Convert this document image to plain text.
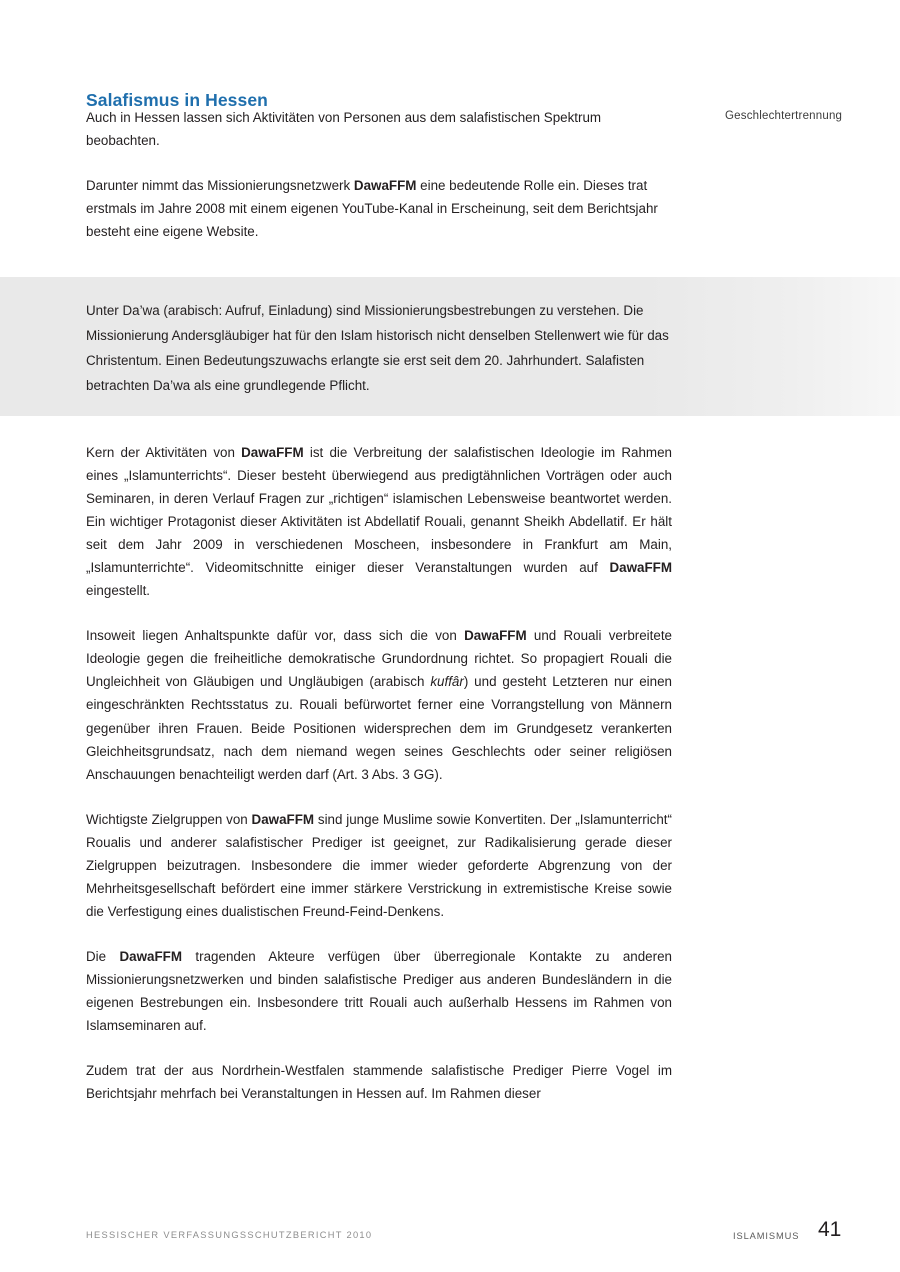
Salafismus in Hessen
Geschlechtertrennung

Auch in Hessen lassen sich Aktivitäten von Personen aus dem salafistischen Spektrum beobachten.

Darunter nimmt das Missionierungsnetzwerk DawaFFM eine bedeutende Rolle ein. Dieses trat erstmals im Jahre 2008 mit einem eigenen YouTube-Kanal in Erscheinung, seit dem Berichtsjahr besteht eine eigene Website.

Unter Da’wa (arabisch: Aufruf, Einladung) sind Missionierungsbestrebungen zu verstehen. Die Missionierung Andersgläubiger hat für den Islam historisch nicht denselben Stellenwert wie für das Christentum. Einen Bedeutungszuwachs erlangte sie erst seit dem 20. Jahrhundert. Salafisten betrachten Da’wa als eine grundlegende Pflicht.

Kern der Aktivitäten von DawaFFM ist die Verbreitung der salafistischen Ideologie im Rahmen eines „Islamunterrichts“. Dieser besteht überwiegend aus predigtähnlichen Vorträgen oder auch Seminaren, in deren Verlauf Fragen zur „richtigen“ islamischen Lebensweise beantwortet werden. Ein wichtiger Protagonist dieser Aktivitäten ist Abdellatif Rouali, genannt Sheikh Abdellatif. Er hält seit dem Jahr 2009 in verschiedenen Moscheen, insbesondere in Frankfurt am Main, „Islamunterrichte“. Videomitschnitte einiger dieser Veranstaltungen wurden auf DawaFFM eingestellt.

Insoweit liegen Anhaltspunkte dafür vor, dass sich die von DawaFFM und Rouali verbreitete Ideologie gegen die freiheitliche demokratische Grundordnung richtet. So propagiert Rouali die Ungleichheit von Gläubigen und Ungläubigen (arabisch kuffâr) und gesteht Letzteren nur einen eingeschränkten Rechtsstatus zu. Rouali befürwortet ferner eine Vorrangstellung von Männern gegenüber ihren Frauen. Beide Positionen widersprechen dem im Grundgesetz verankerten Gleichheitsgrundsatz, nach dem niemand wegen seines Geschlechts oder seiner religiösen Anschauungen benachteiligt werden darf (Art. 3 Abs. 3 GG).

Wichtigste Zielgruppen von DawaFFM sind junge Muslime sowie Konvertiten. Der „Islamunterricht“ Roualis und anderer salafistischer Prediger ist geeignet, zur Radikalisierung gerade dieser Zielgruppen beizutragen. Insbesondere die immer wieder geforderte Abgrenzung von der Mehrheitsgesellschaft befördert eine immer stärkere Verstrickung in extremistische Kreise sowie die Verfestigung eines dualistischen Freund-Feind-Denkens.

Die DawaFFM tragenden Akteure verfügen über überregionale Kontakte zu anderen Missionierungsnetzwerken und binden salafistische Prediger aus anderen Bundesländern in die eigenen Bestrebungen ein. Insbesondere tritt Rouali auch außerhalb Hessens im Rahmen von Islamseminaren auf.

Zudem trat der aus Nordrhein-Westfalen stammende salafistische Prediger Pierre Vogel im Berichtsjahr mehrfach bei Veranstaltungen in Hessen auf. Im Rahmen dieser

HESSISCHER VERFASSUNGSSCHUTZBERICHT 2010	ISLAMISMUS 41
